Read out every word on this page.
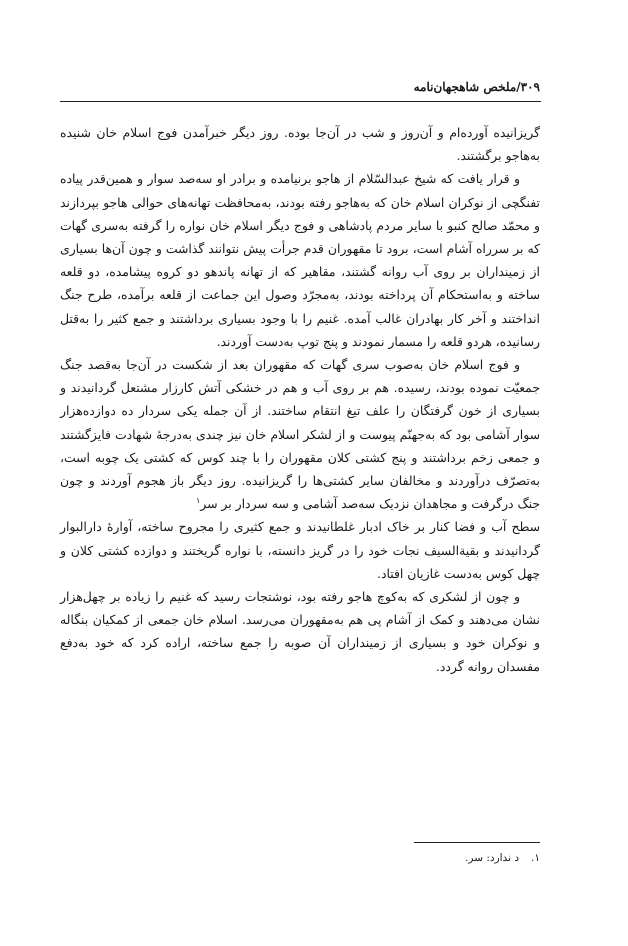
۳۰۹/ملخص شاهجهان‌نامه

گریزانیده آورده‌ام و آن‌روز و شب در آن‌جا بوده. روز دیگر خبرآمدن فوج اسلام خان شنیده به‌هاجو برگشتند.

و قرار یافت که شیخ عبدالسّلام از هاجو برنیامده و برادر او سه‌صد سوار و همین‌قدر پیاده تفنگچی از نوکران اسلام خان که به‌هاجو رفته بودند، به‌محافظت تهانه‌های حوالی هاجو بپردازند و محمّد صالح کنبو با سایر مردم پادشاهی و فوج دیگر اسلام خان نواره را گرفته به‌سری گهات که بر سرراه آشام است، برود تا مقهوران قدم جرأت پیش نتوانند گذاشت و چون آن‌ها بسیاری از زمینداران بر روی آب روانه گشتند، مقاهیر که از تهانه پاندهو دو کروه پیشامده، دو قلعه ساخته و به‌استحکام آن پرداخته بودند، به‌مجرّد وصول این جماعت از قلعه برآمده، طرح جنگ انداختند و آخر کار بهادران غالب آمده. غنیم را با وجود بسیاری برداشتند و جمع کثیر را به‌قتل رسانیده، هردو قلعه را مسمار نمودند و پنج توپ به‌دست آوردند.

و فوج اسلام خان به‌صوب سری گهات که مقهوران بعد از شکست در آن‌جا به‌قصد جنگ جمعیّت نموده بودند، رسیده. هم بر روی آب و هم در خشکی آتش کارزار مشتعل گردانیدند و بسیاری از خون گرفتگان را علف تیغ انتقام ساختند. از آن جمله یکی سردار ده دوازده‌هزار سوار آشامی بود که به‌جهنّم پیوست و از لشکر اسلام خان نیز چندی به‌درجهٔ شهادت فایزگشتند و جمعی زخم برداشتند و پنج کشتی کلان مقهوران را با چند کوس که کشتی یک چوبه است، به‌تصرّف درآوردند و مخالفان سایر کشتی‌ها را گریزانیده. روز دیگر باز هجوم آوردند و چون جنگ درگرفت و مجاهدان نزدیک سه‌صد آشامی و سه سردار بر سر$^۱$

سطح آب و فضا کنار بر خاک ادبار غلطانیدند و جمع کثیری را مجروح ساخته، آوارهٔ دارالبوار گردانیدند و بقیةالسیف نجات خود را در گریز دانسته، با نواره گریختند و دوازده کشتی کلان و چهل کوس به‌دست غازیان افتاد.

و چون از لشکری که به‌کوچ هاجو رفته بود، نوشتجات رسید که غنیم را زیاده بر چهل‌هزار نشان می‌دهند و کمک از آشام پی هم به‌مقهوران می‌رسد. اسلام خان جمعی از کمکیان بنگاله و نوکران خود و بسیاری از زمینداران آن صوبه را جمع ساخته، اراده کرد که خود به‌دفع مفسدان روانه گردد.

۱.د ندارد: سر.
